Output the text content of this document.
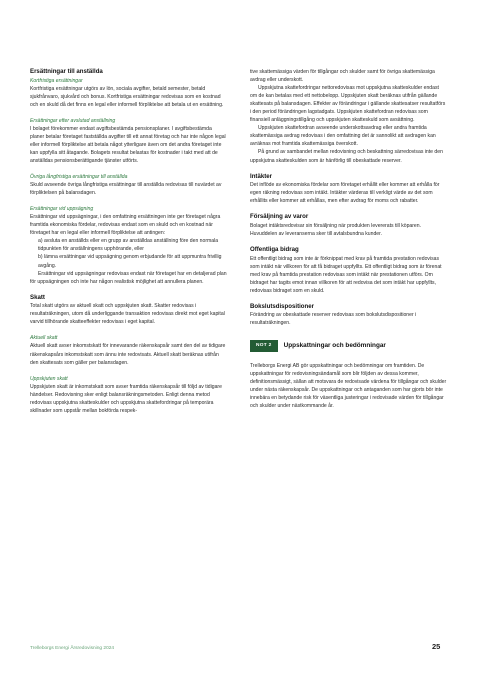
Ersättningar till anställda
Kortfristiga ersättningar

Kortfristiga ersättningar utgörs av lön, sociala avgifter, betald semester, betald sjukfrånvaro, sjukvård och bonus. Kortfristiga ersättningar redovisas som en kostnad och en skuld då det finns en legal eller informell förpliktelse att betala ut en ersättning.

Ersättningar efter avslutad anställning

I bolaget förekommer endast avgiftsbestämda pensionsplaner. I avgiftsbestämda planer betalar företaget fastställda avgifter till ett annat företag och har inte någon legal eller informell förpliktelse att betala något ytterligare även om det andra företaget inte kan uppfylla sitt åtagande. Bolagets resultat belastas för kostnader i takt med att de anställdas pensionsberättigande tjänster utförts.

Övriga långfristiga ersättningar till anställda

Skuld avseende övriga långfristiga ersättningar till anställda redovisas till nuvärdet av förpliktelsen på balansdagen.

Ersättningar vid uppsägning

Ersättningar vid uppsägningar, i den omfattning ersättningen inte ger företaget några framtida ekonomiska fördelar, redovisas endast som en skuld och en kostnad när företaget har en legal eller informell förpliktelse att antingen:

a) avsluta en anställds eller en grupp av anställdas anställning före den normala tidpunkten för anställningens upphörande, eller

b) lämna ersättningar vid uppsägning genom erbjudande för att uppmuntra frivillig avgång.

Ersättningar vid uppsägningar redovisas endast när företaget har en detaljerad plan för uppsägningen och inte har någon realistisk möjlighet att annullera planen.

Skatt

Total skatt utgörs av aktuell skatt och uppskjuten skatt. Skatter redovisas i resultaträkningen, utom då underliggande transaktion redovisas direkt mot eget kapital varvid tillhörande skatteeffekter redovisas i eget kapital.

Aktuell skatt

Aktuell skatt avser inkomstskatt för innevarande räkenskapsår samt den del av tidigare räkenskapsårs inkomstskatt som ännu inte redovisats. Aktuell skatt beräknas utifrån den skattesats som gäller per balansdagen.

Uppskjuten skatt

Uppskjuten skatt är inkomstskatt som avser framtida räkenskapsår till följd av tidigare händelser. Redovisning sker enligt balansräkningsmetoden. Enligt denna metod redovisas uppskjutna skatteskulder och uppskjutna skattefordringar på temporära skillnader som uppstår mellan bokförda respek-

tive skattemässiga värden för tillgångar och skulder samt för övriga skattemässiga avdrag eller underskott.

Uppskjutna skattefordringar nettoredovisas mot uppskjutna skatteskulder endast om de kan betalas med ett nettobelopp. Uppskjuten skatt beräknas utifrån gällande skattesats på balansdagen. Effekter av förändringar i gällande skattesatser resultatförs i den period förändringen lagstadgats. Uppskjuten skattefordran redovisas som finansiell anläggningstillgång och uppskjuten skatteskuld som avsättning.

Uppskjuten skattefordran avseende underskottsavdrag eller andra framtida skattemässiga avdrag redovisas i den omfattning det är sannolikt att avdragen kan avräknas mot framtida skattemässiga överskott.

På grund av sambandet mellan redovisning och beskattning särredovisas inte den uppskjutna skatteskulden som är hänförlig till obeskattade reserver.

Intäkter

Det inflöde av ekonomiska fördelar som företaget erhållit eller kommer att erhålla för egen räkning redovisas som intäkt. Intäkter värderas till verkligt värde av det som erhållits eller kommer att erhållas, men efter avdrag för moms och rabatter.

Försäljning av varor

Bolaget intäktsredovisar sin försäljning när produkten levererats till köparen. Huvuddelen av leveranserna sker till avtalsbundna kunder.

Offentliga bidrag

Ett offentligt bidrag som inte är förknippat med krav på framtida prestation redovisas som intäkt när villkoren för att få bidraget uppfyllts. Ett offentligt bidrag som är förenat med krav på framtida prestation redovisas som intäkt när prestationen utförs. Om bidraget har tagits emot innan villkoren för att redovisa det som intäkt har uppfyllts, redovisas bidraget som en skuld.

Bokslutsdispositioner

Förändring av obeskattade reserver redovisas som bokslutsdispositioner i resultaträkningen.

NOT 2	Uppskattningar och bedömningar

Trelleborgs Energi AB gör uppskattningar och bedömningar om framtiden. De uppskattningar för redovisningsändamål som blir följden av dessa kommer, definitionsmässigt, sällan att motsvara de redovisade värdena för tillgångar och skulder under nästa räkenskapsår. De uppskattningar och antaganden som har gjorts bör inte innebära en betydande risk för väsentliga justeringar i redovisade värden för tillgångar och skulder under nästkommande år.

Trelleborgs Energi Årsredovisning 2024	25
